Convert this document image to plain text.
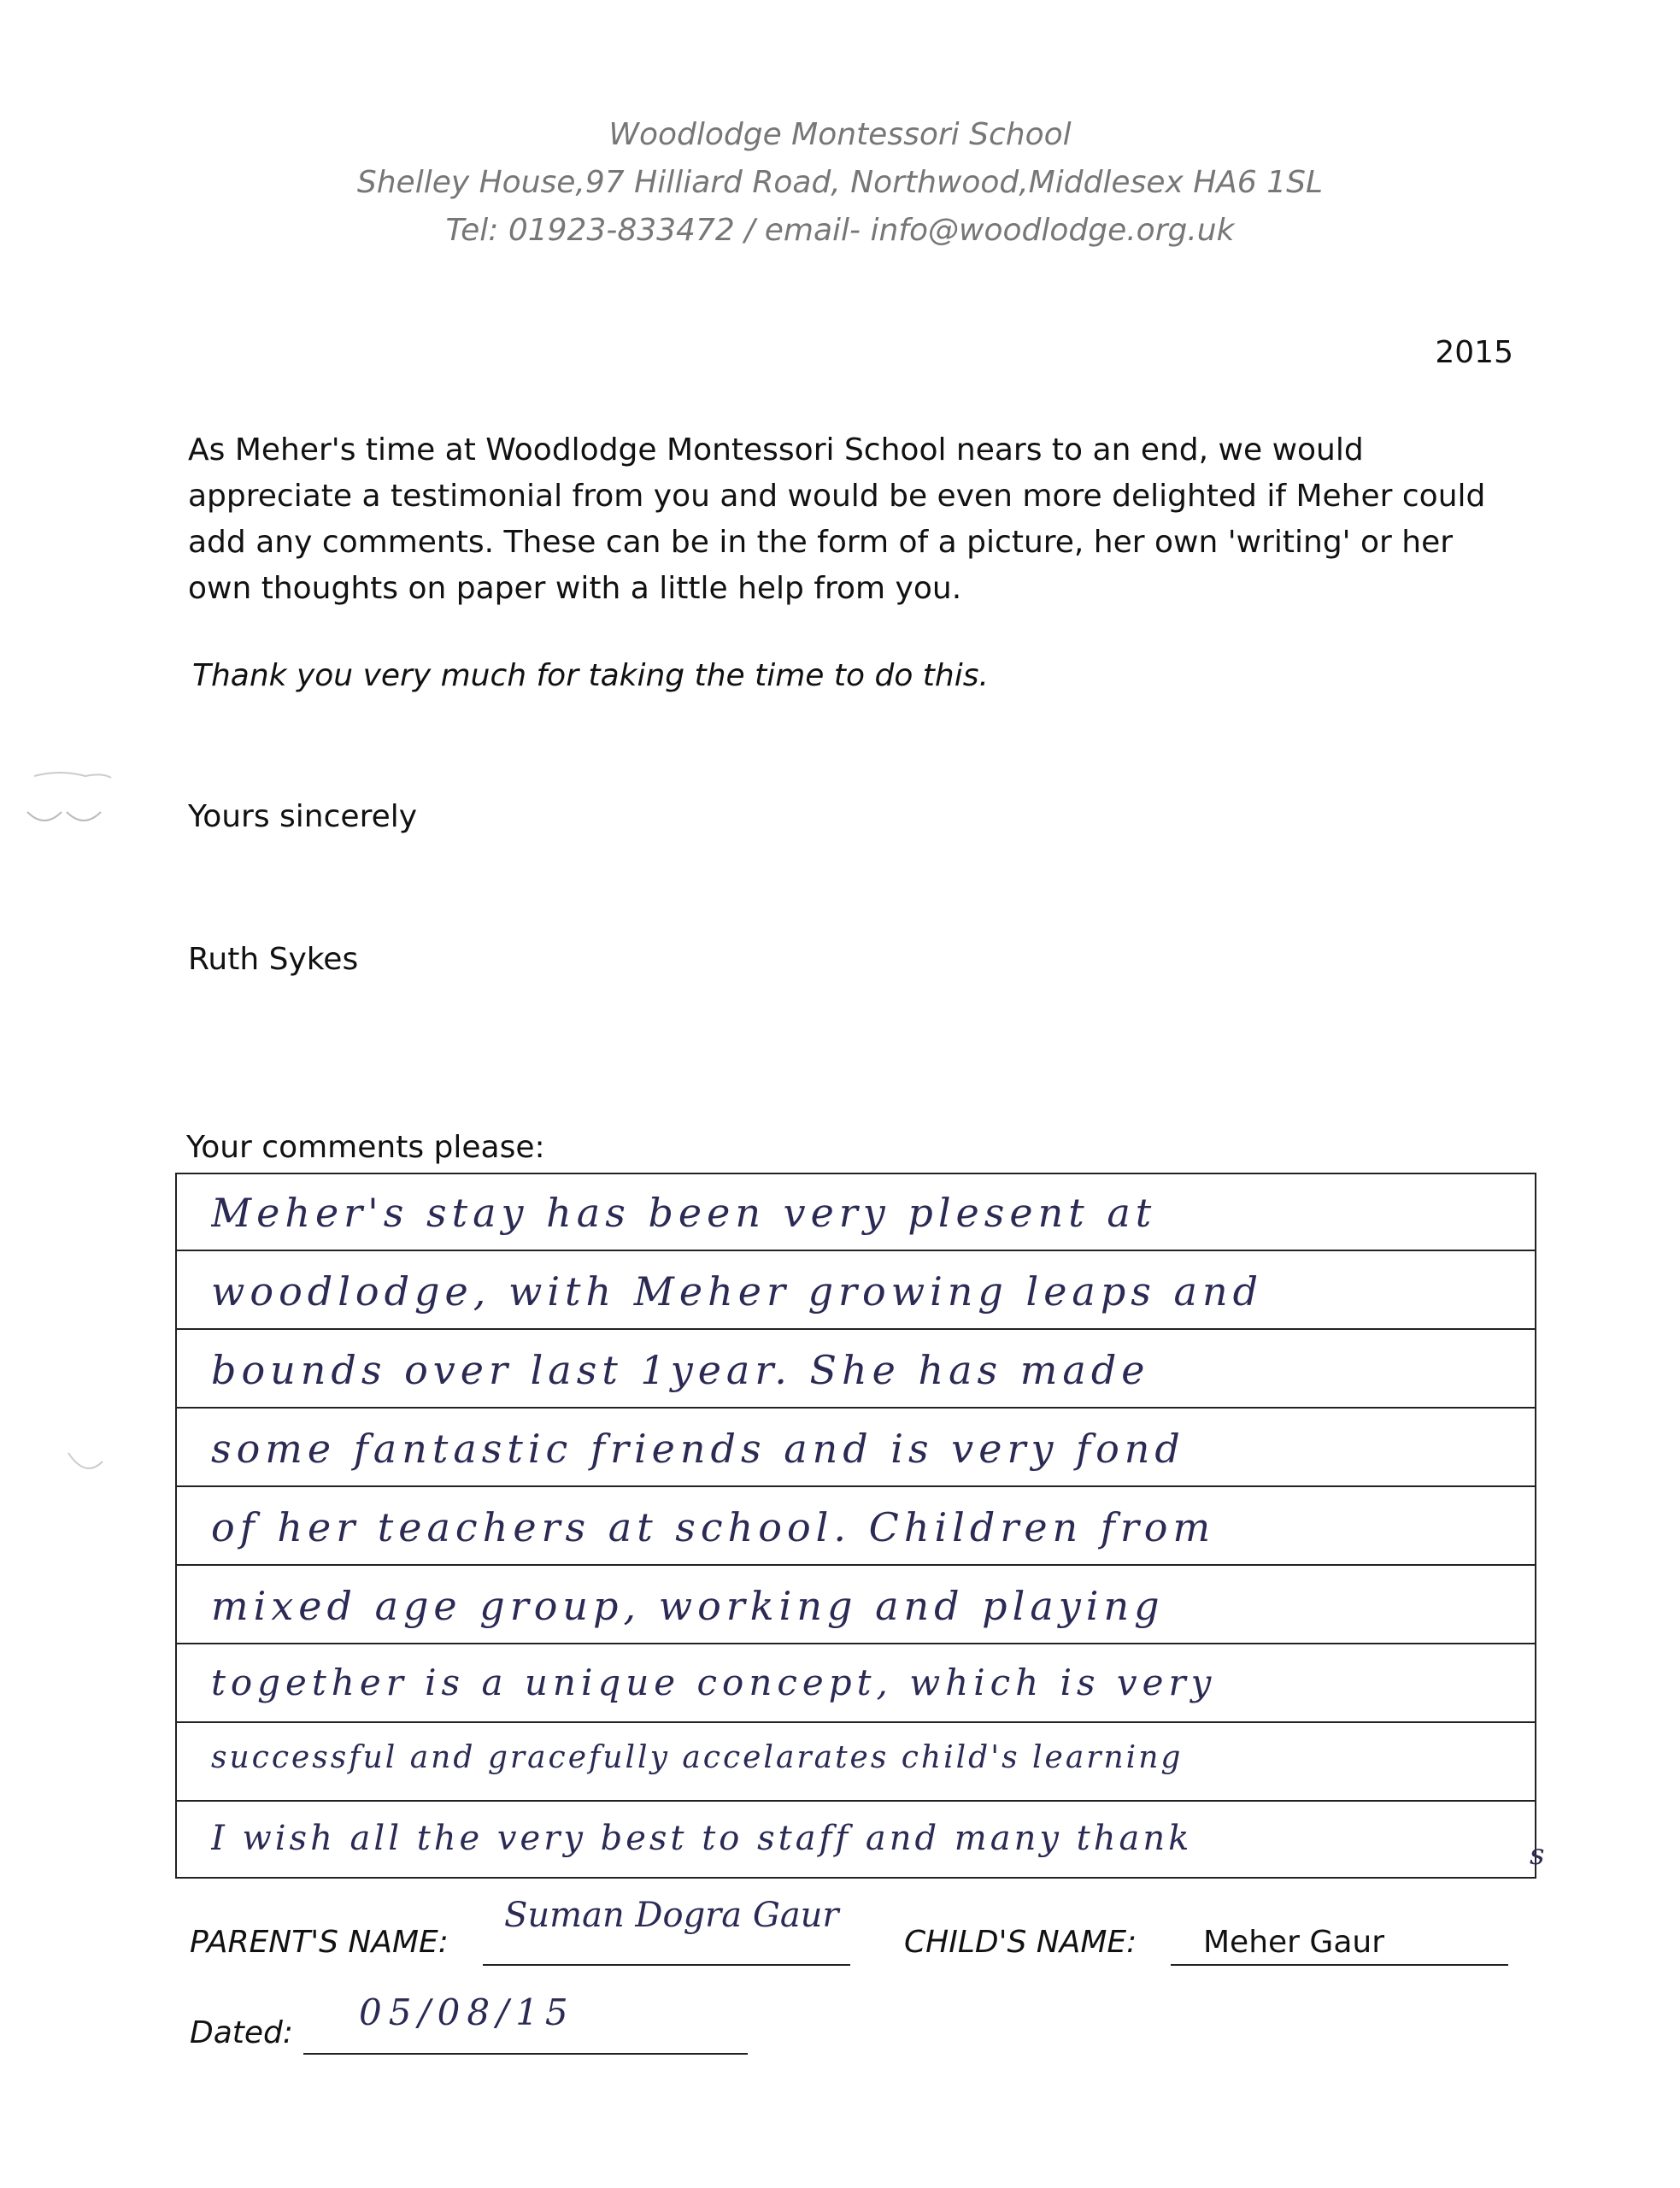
Woodlodge Montessori School
Shelley House,97 Hilliard Road, Northwood,Middlesex HA6 1SL
Tel: 01923-833472 / email- info@woodlodge.org.uk
2015

As Meher's time at Woodlodge Montessori School nears to an end, we would

appreciate a testimonial from you and would be even more delighted if Meher could

add any comments. These can be in the form of a picture, her own 'writing' or her

own thoughts on paper with a little help from you.

Thank you very much for taking the time to do this.
Yours sincerely
Ruth Sykes
Your comments please:
Meher's stay has been very plesent at
woodlodge, with Meher growing leaps and
bounds over last 1year. She has made
some fantastic friends and is very fond
of her teachers at school. Children from
mixed age group, working and playing
together is a unique concept, which is very
successful and gracefully accelarates child's learning
I wish all the very best to staff and many thank	s
PARENT'S NAME:
Suman Dogra Gaur
CHILD'S NAME: Meher Gaur
Dated: 05/08/15
